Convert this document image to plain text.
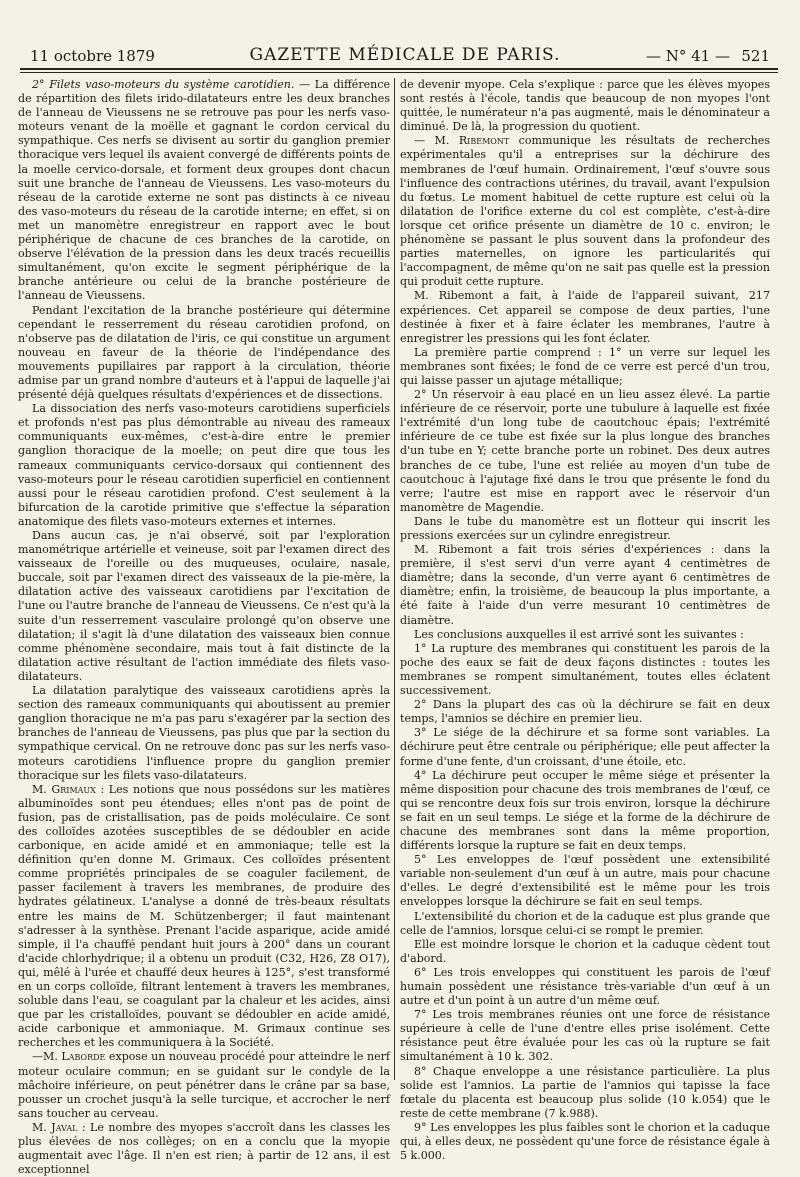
11 octobre 1879	GAZETTE MÉDICALE DE PARIS.	— N° 41 — 521

2° Filets vaso-moteurs du système carotidien. — La différence de répartition des filets irido-dilatateurs entre les deux branches de l'anneau de Vieussens ne se retrouve pas pour les nerfs vaso-moteurs venant de la moëlle et gagnant le cordon cervical du sympathique. Ces nerfs se divisent au sortir du ganglion premier thoracique vers lequel ils avaient convergé de différents points de la moelle cervico-dorsale, et forment deux groupes dont chacun suit une branche de l'anneau de Vieussens. Les vaso-moteurs du réseau de la carotide externe ne sont pas distincts à ce niveau des vaso-moteurs du réseau de la carotide interne; en effet, si on met un manomètre enregistreur en rapport avec le bout périphérique de chacune de ces branches de la carotide, on observe l'élévation de la pression dans les deux tracés recueillis simultanément, qu'on excite le segment périphérique de la branche antérieure ou celui de la branche postérieure de l'anneau de Vieussens.

Pendant l'excitation de la branche postérieure qui détermine cependant le resserrement du réseau carotidien profond, on n'observe pas de dilatation de l'iris, ce qui constitue un argument nouveau en faveur de la théorie de l'indépendance des mouvements pupillaires par rapport à la circulation, théorie admise par un grand nombre d'auteurs et à l'appui de laquelle j'ai présenté déjà quelques résultats d'expériences et de dissections.

La dissociation des nerfs vaso-moteurs carotidiens superficiels et profonds n'est pas plus démontrable au niveau des rameaux communiquants eux-mêmes, c'est-à-dire entre le premier ganglion thoracique de la moelle; on peut dire que tous les rameaux communiquants cervico-dorsaux qui contiennent des vaso-moteurs pour le réseau carotidien superficiel en contiennent aussi pour le réseau carotidien profond. C'est seulement à la bifurcation de la carotide primitive que s'effectue la séparation anatomique des filets vaso-moteurs externes et internes.

Dans aucun cas, je n'ai observé, soit par l'exploration manométrique artérielle et veineuse, soit par l'examen direct des vaisseaux de l'oreille ou des muqueuses, oculaire, nasale, buccale, soit par l'examen direct des vaisseaux de la pie-mère, la dilatation active des vaisseaux carotidiens par l'excitation de l'une ou l'autre branche de l'anneau de Vieussens. Ce n'est qu'à la suite d'un resserrement vasculaire prolongé qu'on observe une dilatation; il s'agit là d'une dilatation des vaisseaux bien connue comme phénomène secondaire, mais tout à fait distincte de la dilatation active résultant de l'action immédiate des filets vaso-dilatateurs.

La dilatation paralytique des vaisseaux carotidiens après la section des rameaux communiquants qui aboutissent au premier ganglion thoracique ne m'a pas paru s'exagérer par la section des branches de l'anneau de Vieussens, pas plus que par la section du sympathique cervical. On ne retrouve donc pas sur les nerfs vaso-moteurs carotidiens l'influence propre du ganglion premier thoracique sur les filets vaso-dilatateurs.

M. Grimaux : Les notions que nous possédons sur les matières albuminoïdes sont peu étendues; elles n'ont pas de point de fusion, pas de cristallisation, pas de poids moléculaire. Ce sont des colloïdes azotées susceptibles de se dédoubler en acide carbonique, en acide amidé et en ammoniaque; telle est la définition qu'en donne M. Grimaux. Ces colloïdes présentent comme propriétés principales de se coaguler facilement, de passer facilement à travers les membranes, de produire des hydrates gélatineux. L'analyse a donné de très-beaux résultats entre les mains de M. Schützenberger; il faut maintenant s'adresser à la synthèse. Prenant l'acide asparique, acide amidé simple, il l'a chauffé pendant huit jours à 200° dans un courant d'acide chlorhydrique; il a obtenu un produit (C32, H26, Z8 O17), qui, mêlé à l'urée et chauffé deux heures à 125°, s'est transformé en un corps colloïde, filtrant lentement à travers les membranes, soluble dans l'eau, se coagulant par la chaleur et les acides, ainsi que par les cristalloïdes, pouvant se dédoubler en acide amidé, acide carbonique et ammoniaque. M. Grimaux continue ses recherches et les communiquera à la Société.

—M. Laborde expose un nouveau procédé pour atteindre le nerf moteur oculaire commun; en se guidant sur le condyle de la mâchoire inférieure, on peut pénétrer dans le crâne par sa base, pousser un crochet jusqu'à la selle turcique, et accrocher le nerf sans toucher au cerveau.

M. Javal : Le nombre des myopes s'accroît dans les classes les plus élevées de nos collèges; on en a conclu que la myopie augmentait avec l'âge. Il n'en est rien; à partir de 12 ans, il est exceptionnel

de devenir myope. Cela s'explique : parce que les élèves myopes sont restés à l'école, tandis que beaucoup de non myopes l'ont quittée, le numérateur n'a pas augmenté, mais le dénominateur a diminué. De là, la progression du quotient.

— M. Ribemont communique les résultats de recherches expérimentales qu'il a entreprises sur la déchirure des membranes de l'œuf humain. Ordinairement, l'œuf s'ouvre sous l'influence des contractions utérines, du travail, avant l'expulsion du fœtus. Le moment habituel de cette rupture est celui où la dilatation de l'orifice externe du col est complète, c'est-à-dire lorsque cet orifice présente un diamètre de 10 c. environ; le phénomène se passant le plus souvent dans la profondeur des parties maternelles, on ignore les particularités qui l'accompagnent, de même qu'on ne sait pas quelle est la pression qui produit cette rupture.

M. Ribemont a fait, à l'aide de l'appareil suivant, 217 expériences. Cet appareil se compose de deux parties, l'une destinée à fixer et à faire éclater les membranes, l'autre à enregistrer les pressions qui les font éclater.

La première partie comprend : 1° un verre sur lequel les membranes sont fixées; le fond de ce verre est percé d'un trou, qui laisse passer un ajutage métallique;

2° Un réservoir à eau placé en un lieu assez élevé. La partie inférieure de ce réservoir, porte une tubulure à laquelle est fixée l'extrémité d'un long tube de caoutchouc épais; l'extrémité inférieure de ce tube est fixée sur la plus longue des branches d'un tube en Y; cette branche porte un robinet. Des deux autres branches de ce tube, l'une est reliée au moyen d'un tube de caoutchouc à l'ajutage fixé dans le trou que présente le fond du verre; l'autre est mise en rapport avec le réservoir d'un manomètre de Magendie.

Dans le tube du manomètre est un flotteur qui inscrit les pressions exercées sur un cylindre enregistreur.

M. Ribemont a fait trois séries d'expériences : dans la première, il s'est servi d'un verre ayant 4 centimètres de diamètre; dans la seconde, d'un verre ayant 6 centimètres de diamètre; enfin, la troisième, de beaucoup la plus importante, a été faite à l'aide d'un verre mesurant 10 centimètres de diamètre.

Les conclusions auxquelles il est arrivé sont les suivantes :

1° La rupture des membranes qui constituent les parois de la poche des eaux se fait de deux façons distinctes : toutes les membranes se rompent simultanément, toutes elles éclatent successivement.

2° Dans la plupart des cas où la déchirure se fait en deux temps, l'amnios se déchire en premier lieu.

3° Le siége de la déchirure et sa forme sont variables. La déchirure peut être centrale ou périphérique; elle peut affecter la forme d'une fente, d'un croissant, d'une étoile, etc.

4° La déchirure peut occuper le même siége et présenter la même disposition pour chacune des trois membranes de l'œuf, ce qui se rencontre deux fois sur trois environ, lorsque la déchirure se fait en un seul temps. Le siége et la forme de la déchirure de chacune des membranes sont dans la même proportion, différents lorsque la rupture se fait en deux temps.

5° Les enveloppes de l'œuf possèdent une extensibilité variable non-seulement d'un œuf à un autre, mais pour chacune d'elles. Le degré d'extensibilité est le même pour les trois enveloppes lorsque la déchirure se fait en seul temps.

L'extensibilité du chorion et de la caduque est plus grande que celle de l'amnios, lorsque celui-ci se rompt le premier.

Elle est moindre lorsque le chorion et la caduque cèdent tout d'abord.

6° Les trois enveloppes qui constituent les parois de l'œuf humain possèdent une résistance très-variable d'un œuf à un autre et d'un point à un autre d'un même œuf.

7° Les trois membranes réunies ont une force de résistance supérieure à celle de l'une d'entre elles prise isolément. Cette résistance peut être évaluée pour les cas où la rupture se fait simultanément à 10 k. 302.

8° Chaque enveloppe a une résistance particulière. La plus solide est l'amnios. La partie de l'amnios qui tapisse la face fœtale du placenta est beaucoup plus solide (10 k.054) que le reste de cette membrane (7 k.988).

9° Les enveloppes les plus faibles sont le chorion et la caduque qui, à elles deux, ne possèdent qu'une force de résistance égale à 5 k.000.
